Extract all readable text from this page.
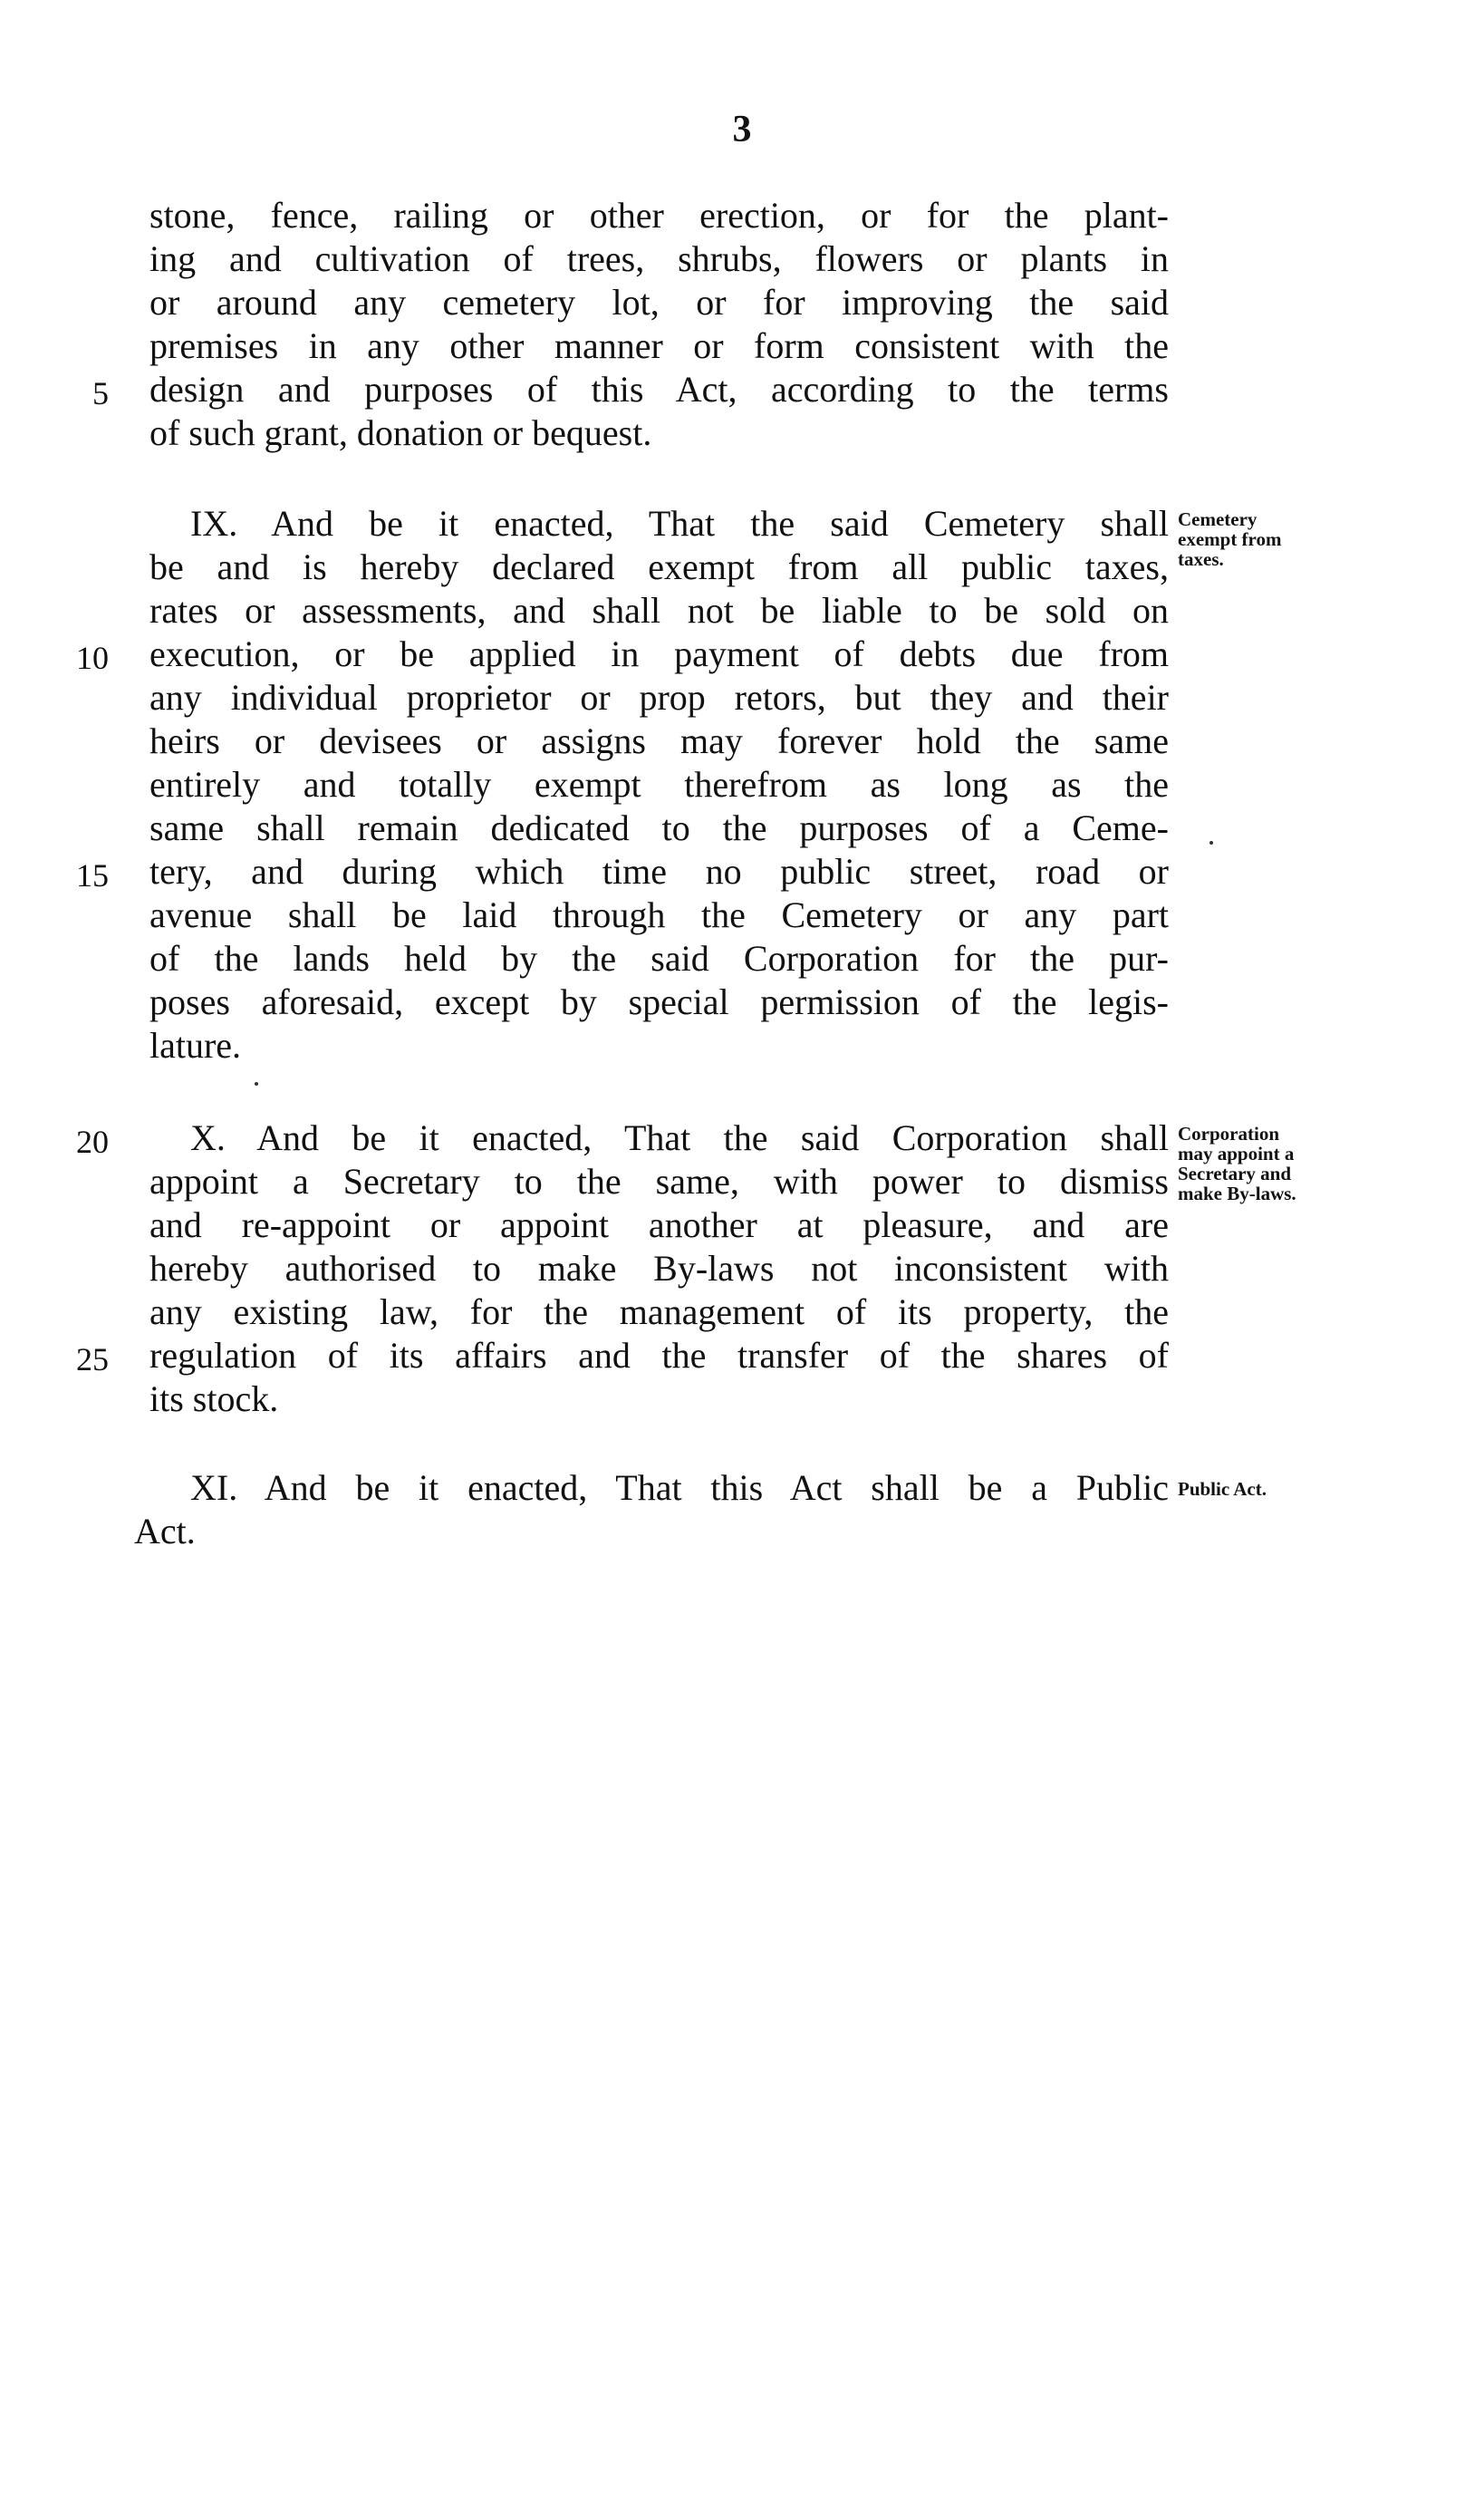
3
stone, fence, railing or other erection, or for the plant-
ing and cultivation of trees, shrubs, flowers or plants in
or around any cemetery lot, or for improving the said
premises in any other manner or form consistent with the
design and purposes of this Act, according to the terms
of such grant, donation or bequest.
IX. And be it enacted, That the said Cemetery shall
be and is hereby declared exempt from all public taxes,
rates or assessments, and shall not be liable to be sold on
execution, or be applied in payment of debts due from
any individual proprietor or prop retors, but they and their
heirs or devisees or assigns may forever hold the same
entirely and totally exempt therefrom as long as the
same shall remain dedicated to the purposes of a Ceme-
tery, and during which time no public street, road or
avenue shall be laid through the Cemetery or any part
of the lands held by the said Corporation for the pur-
poses aforesaid, except by special permission of the legis-
lature.
X. And be it enacted, That the said Corporation shall
appoint a Secretary to the same, with power to dismiss
and re-appoint or appoint another at pleasure, and are
hereby authorised to make By-laws not inconsistent with
any existing law, for the management of its property, the
regulation of its affairs and the transfer of the shares of
its stock.
XI. And be it enacted, That this Act shall be a Public
Act.
5
10
15
20
25
Cemetery
exempt from
taxes.
Corporation
may appoint a
Secretary and
make By-laws.
Public Act.
